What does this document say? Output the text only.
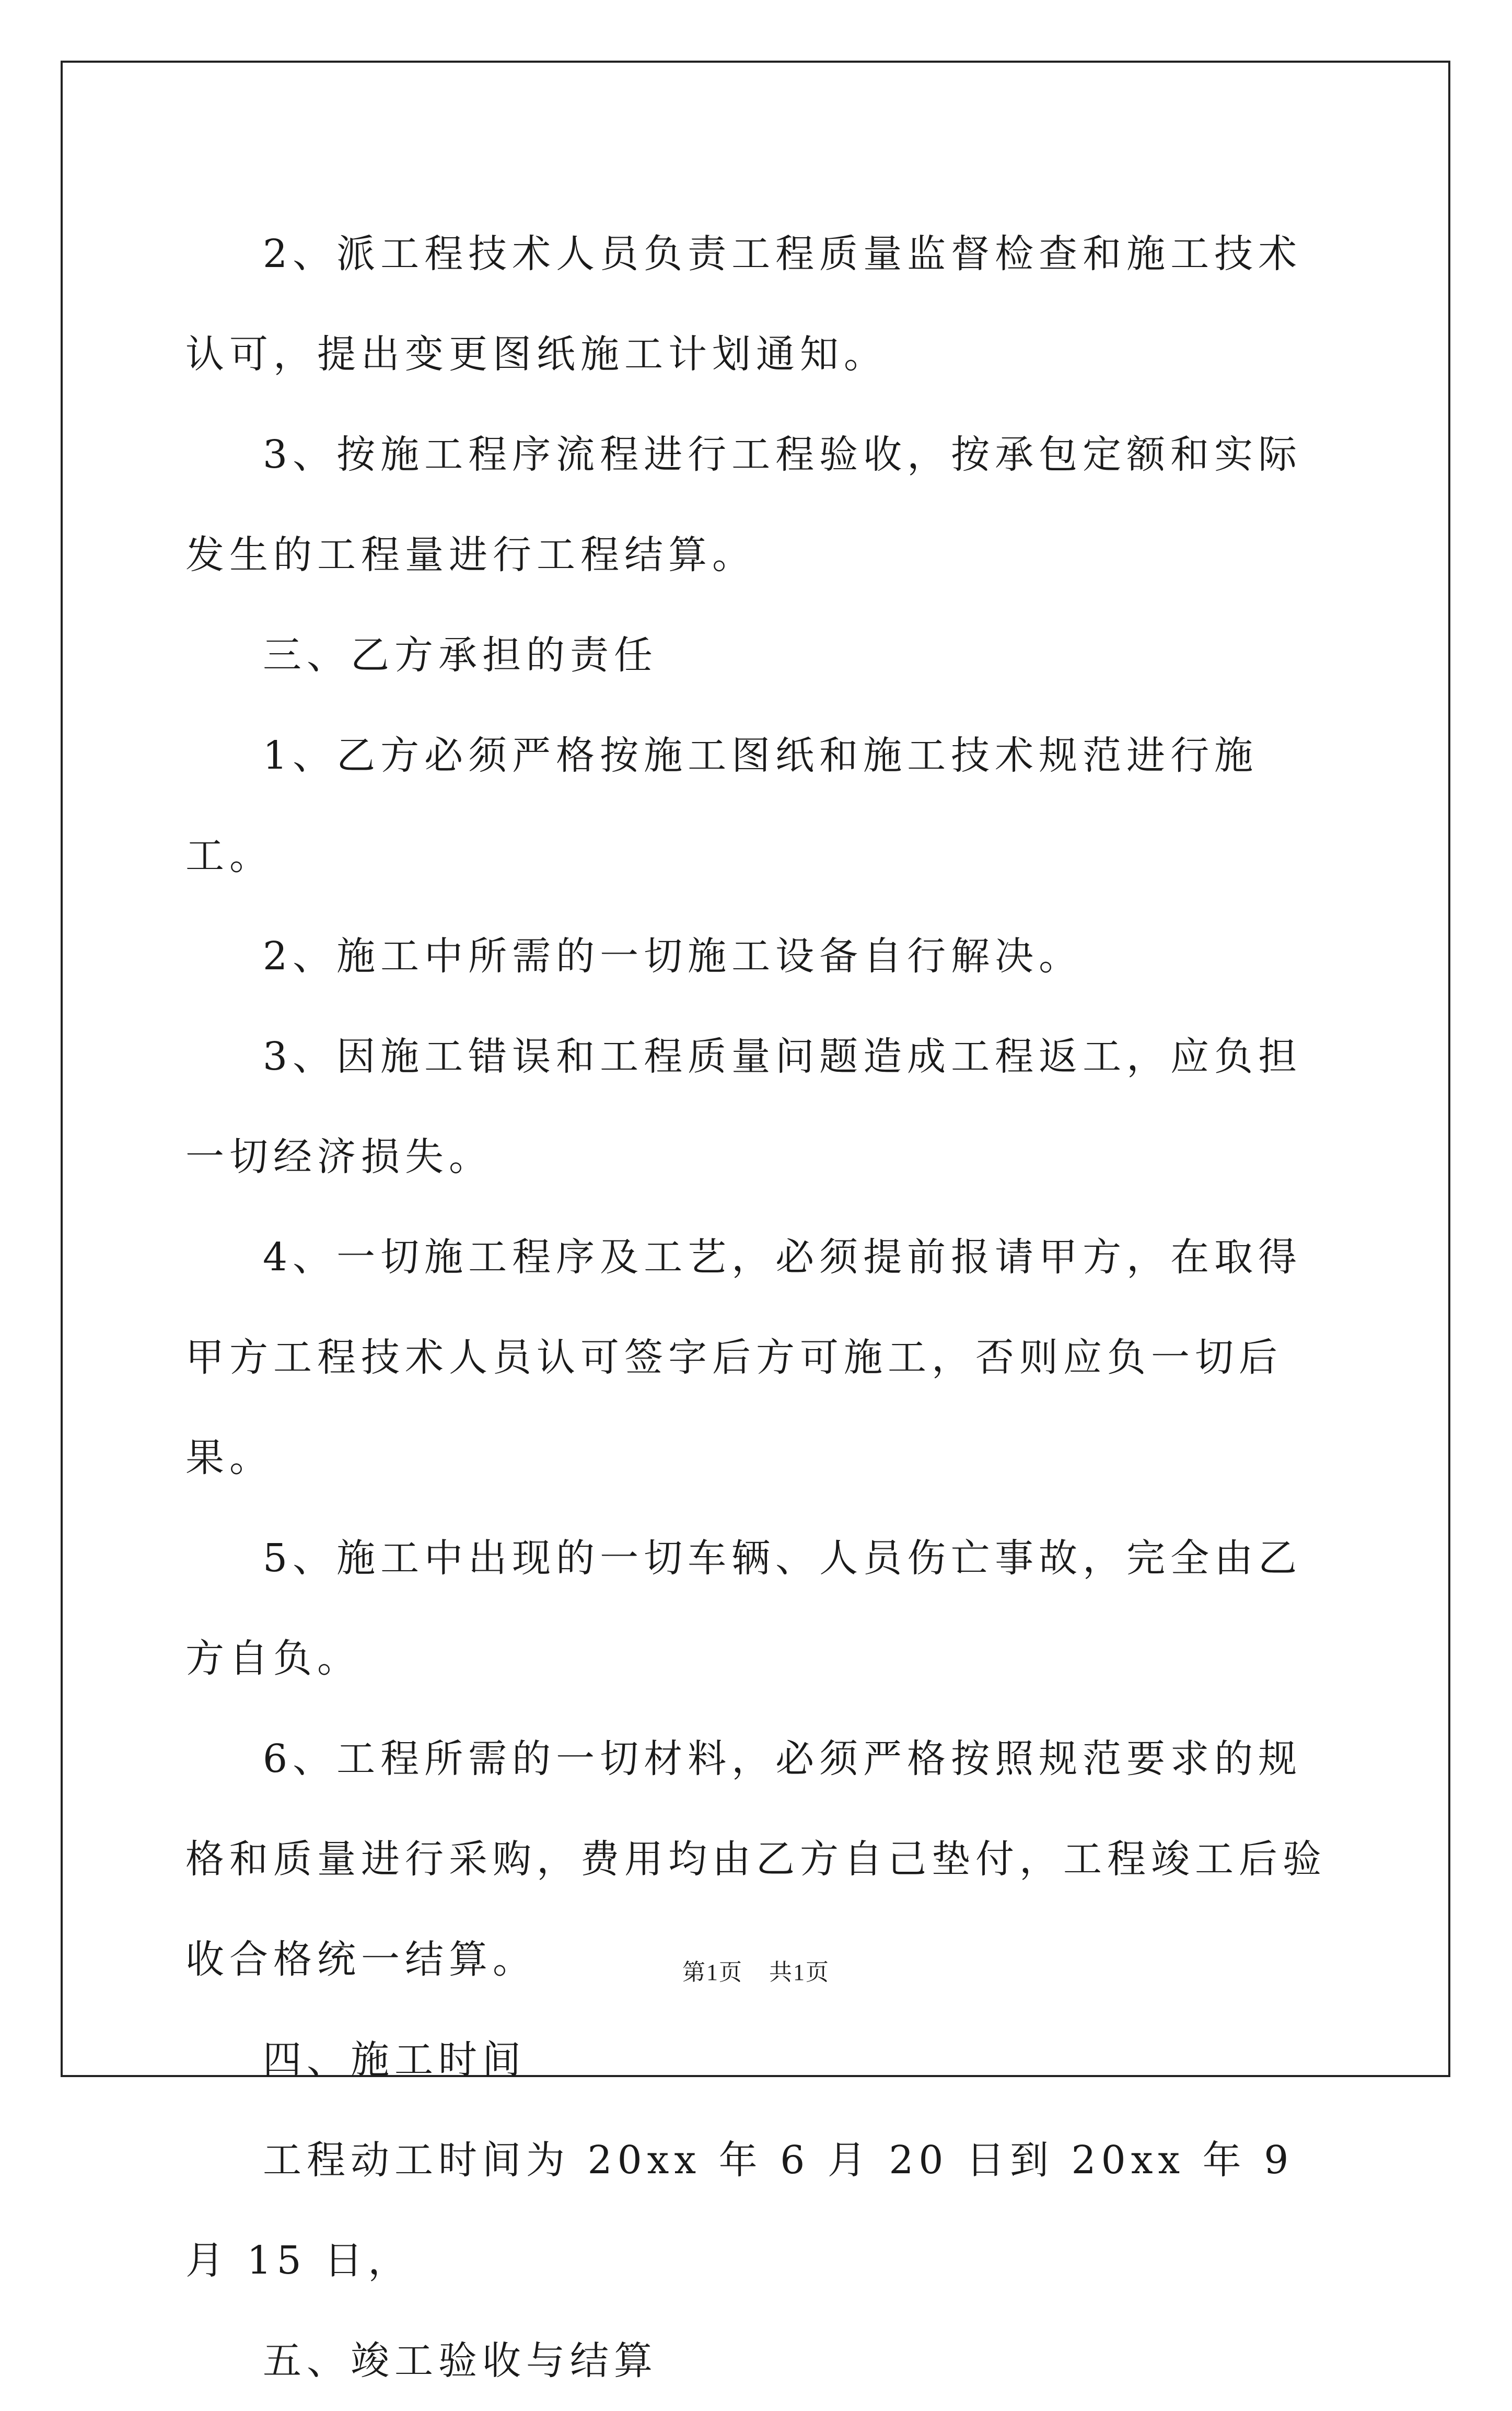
2、派工程技术人员负责工程质量监督检查和施工技术认可，提出变更图纸施工计划通知。

3、按施工程序流程进行工程验收，按承包定额和实际发生的工程量进行工程结算。

三、乙方承担的责任

1、乙方必须严格按施工图纸和施工技术规范进行施工。

2、施工中所需的一切施工设备自行解决。

3、因施工错误和工程质量问题造成工程返工，应负担一切经济损失。

4、一切施工程序及工艺，必须提前报请甲方，在取得甲方工程技术人员认可签字后方可施工，否则应负一切后果。

5、施工中出现的一切车辆、人员伤亡事故，完全由乙方自负。

6、工程所需的一切材料，必须严格按照规范要求的规格和质量进行采购，费用均由乙方自己垫付，工程竣工后验收合格统一结算。

四、施工时间

工程动工时间为 20xx 年 6 月 20 日到 20xx 年 9 月 15 日，

五、竣工验收与结算

第1页 共1页
